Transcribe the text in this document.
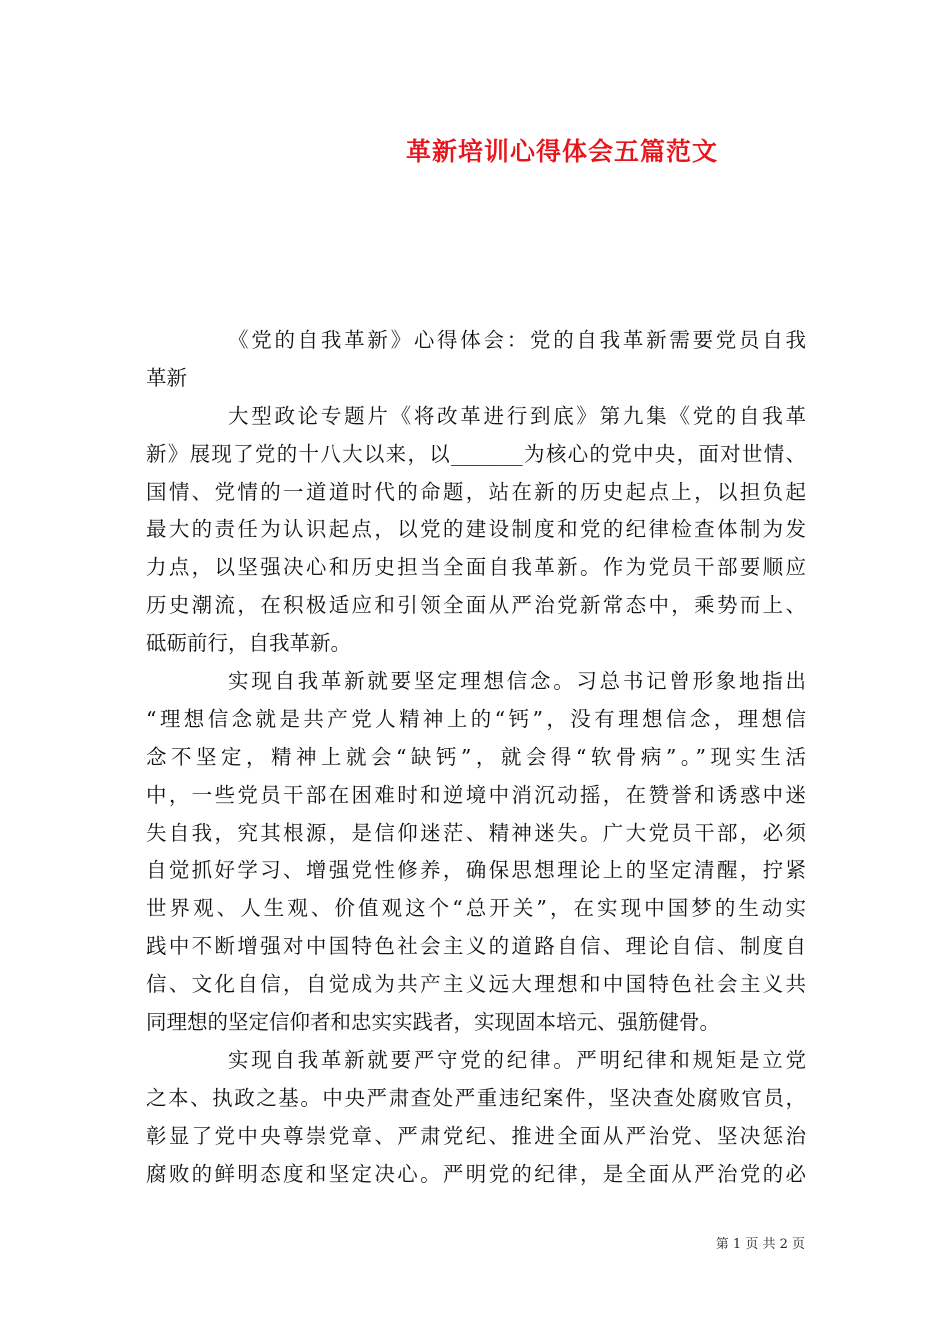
革新培训心得体会五篇范文
《党的自我革新》心得体会：党的自我革新需要党员自我
革新
大型政论专题片《将改革进行到底》第九集《党的自我革
新》展现了党的十八大以来，以_______为核心的党中央，面对世情、
国情、党情的一道道时代的命题，站在新的历史起点上，以担负起
最大的责任为认识起点，以党的建设制度和党的纪律检查体制为发
力点，以坚强决心和历史担当全面自我革新。作为党员干部要顺应
历史潮流，在积极适应和引领全面从严治党新常态中，乘势而上、
砥砺前行，自我革新。
实现自我革新就要坚定理想信念。习总书记曾形象地指出
“理想信念就是共产党人精神上的“钙”，没有理想信念，理想信
念不坚定，精神上就会“缺钙”，就会得“软骨病”。”现实生活
中，一些党员干部在困难时和逆境中消沉动摇，在赞誉和诱惑中迷
失自我，究其根源，是信仰迷茫、精神迷失。广大党员干部，必须
自觉抓好学习、增强党性修养，确保思想理论上的坚定清醒，拧紧
世界观、人生观、价值观这个“总开关”，在实现中国梦的生动实
践中不断增强对中国特色社会主义的道路自信、理论自信、制度自
信、文化自信，自觉成为共产主义远大理想和中国特色社会主义共
同理想的坚定信仰者和忠实实践者，实现固本培元、强筋健骨。
实现自我革新就要严守党的纪律。严明纪律和规矩是立党
之本、执政之基。中央严肃查处严重违纪案件，坚决查处腐败官员，
彰显了党中央尊崇党章、严肃党纪、推进全面从严治党、坚决惩治
腐败的鲜明态度和坚定决心。严明党的纪律，是全面从严治党的必
第 1 页 共 2 页
